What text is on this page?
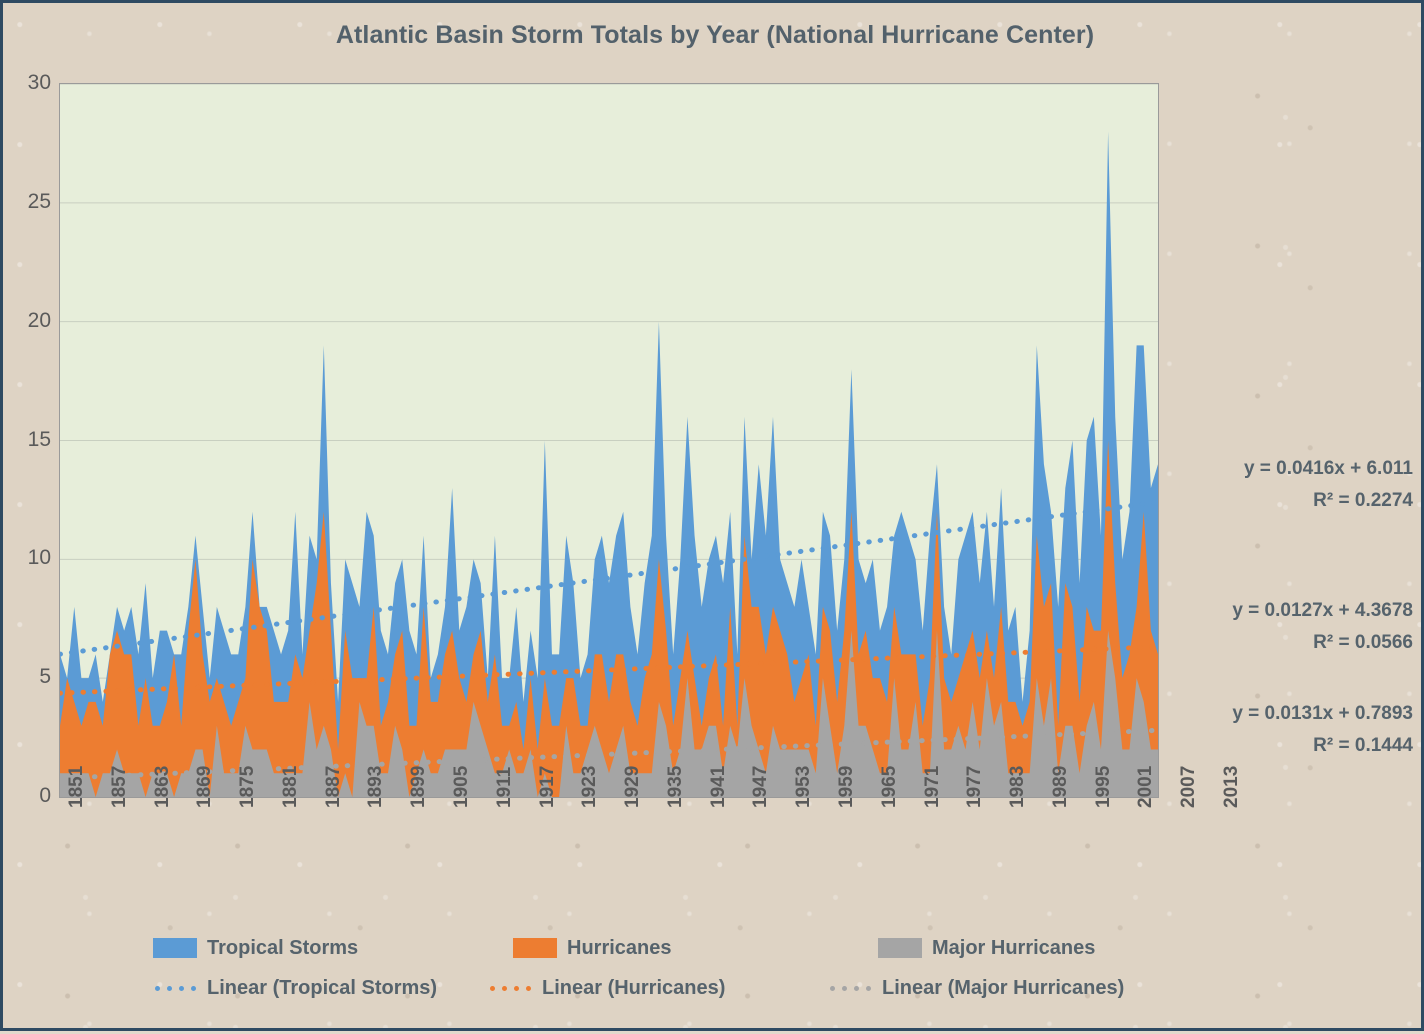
Atlantic Basin Storm Totals by Year (National Hurricane Center)
0
5
10
15
20
25
30
1851 1857 1863 1869 1875 1881 1887 1893 1899 1905 1911 1917 1923 1929 1935 1941 1947 1953 1959 1965 1971 1977 1983 1989 1995 2001 2007 2013
y = 0.0416x + 6.011
R² = 0.2274
y = 0.0127x + 4.3678
R² = 0.0566
y = 0.0131x + 0.7893
R² = 0.1444
Tropical Storms	Hurricanes	Major Hurricanes
Linear (Tropical Storms)	Linear (Hurricanes)	Linear (Major Hurricanes)
